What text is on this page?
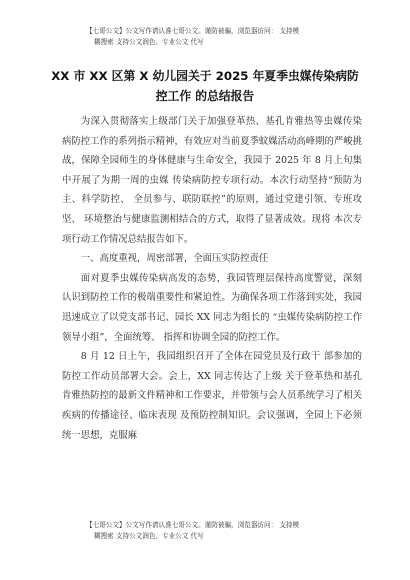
【七哥公文】公文写作请认准七哥公文。谨防被骗，浏览器访问： 支持模
糊搜索 支持公文润色、专业公文 代写
XX 市 XX 区第 X 幼儿园关于 2025 年夏季虫媒传染病防
控工作 的总结报告

为深入贯彻落实上级部门关于加强登革热、基孔肯雅热等虫媒传染病防控工作的系列指示精神，有效应对当前夏季蚊媒活动高峰期的严峻挑战，保障全园师生的身体健康与生命安全，我园于 2025 年 8 月上旬集中开展了为期一周的虫媒 传染病防控专项行动。本次行动坚持“预防为主、科学防控、 全员参与、联防联控”的原则，通过党建引领、专班攻坚、 环境整治与健康监测相结合的方式，取得了显著成效。现将 本次专项行动工作情况总结报告如下。

一、高度重视，周密部署，全面压实防控责任

面对夏季虫媒传染病高发的态势，我园管理层保持高度警觉，深刻认识到防控工作的极端重要性和紧迫性。为确保各项工作落到实处，我园迅速成立了以党支部书记、园长 XX 同志为组长的 “虫媒传染病防控工作领导小组”，全面统筹、 指挥和协调全园的防控工作。

8 月 12 日上午，我园组织召开了全体在园党员及行政干 部参加的防控工作动员部署大会。会上，XX 同志传达了上级 关于登革热和基孔肯雅热防控的最新文件精神和工作要求，并带领与会人员系统学习了相关疾病的传播途径、临床表现 及预防控制知识。会议强调，全园上下必须统一思想，克服麻

【七哥公文】公文写作请认准七哥公文。谨防被骗，浏览器访问： 支持模
糊搜索 支持公文润色、专业公文 代写
